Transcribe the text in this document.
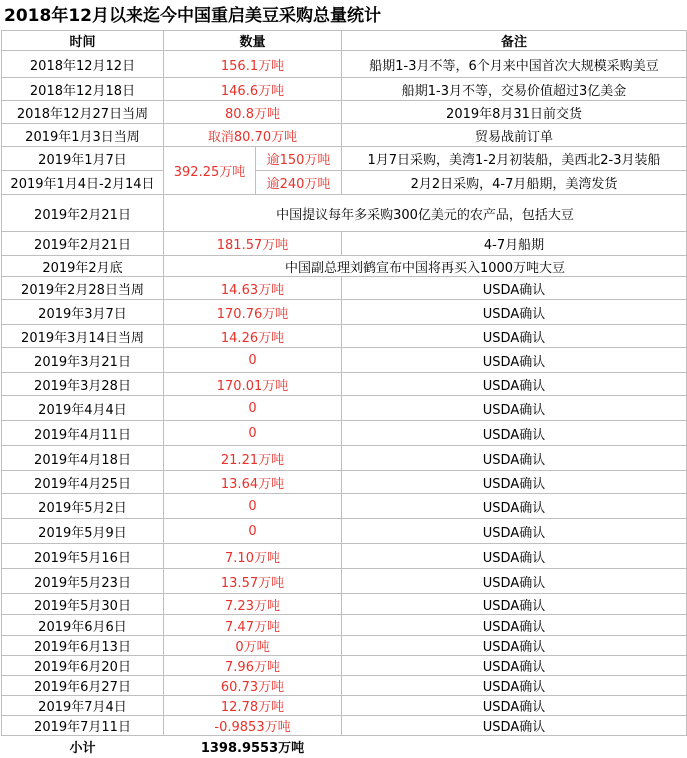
2018年12月以来迄今中国重启美豆采购总量统计
时间	数量		备注
2018年12月12日	156.1万吨		船期1-3月不等，6个月来中国首次大规模采购美豆
2018年12月18日	146.6万吨		船期1-3月不等，交易价值超过3亿美金
2018年12月27日当周	80.8万吨		2019年8月31日前交货
2019年1月3日当周	取消80.70万吨		贸易战前订单
2019年1月7日	392.25万吨	逾150万吨	1月7日采购，美湾1-2月初装船，美西北2-3月装船
2019年1月4日-2月14日		逾240万吨	2月2日采购，4-7月船期，美湾发货
2019年2月21日	中国提议每年多采购300亿美元的农产品，包括大豆		
2019年2月21日	181.57万吨		4-7月船期
2019年2月底	中国副总理刘鹤宣布中国将再买入1000万吨大豆		
2019年2月28日当周	14.63万吨		USDA确认
2019年3月7日	170.76万吨		USDA确认
2019年3月14日当周	14.26万吨		USDA确认
2019年3月21日	0		USDA确认
2019年3月28日	170.01万吨		USDA确认
2019年4月4日	0		USDA确认
2019年4月11日	0		USDA确认
2019年4月18日	21.21万吨		USDA确认
2019年4月25日	13.64万吨		USDA确认
2019年5月2日	0		USDA确认
2019年5月9日	0		USDA确认
2019年5月16日	7.10万吨		USDA确认
2019年5月23日	13.57万吨		USDA确认
2019年5月30日	7.23万吨		USDA确认
2019年6月6日	7.47万吨		USDA确认
2019年6月13日	0万吨		USDA确认
2019年6月20日	7.96万吨		USDA确认
2019年6月27日	60.73万吨		USDA确认
2019年7月4日	12.78万吨		USDA确认
2019年7月11日	-0.9853万吨		USDA确认
小计	1398.9553万吨		
